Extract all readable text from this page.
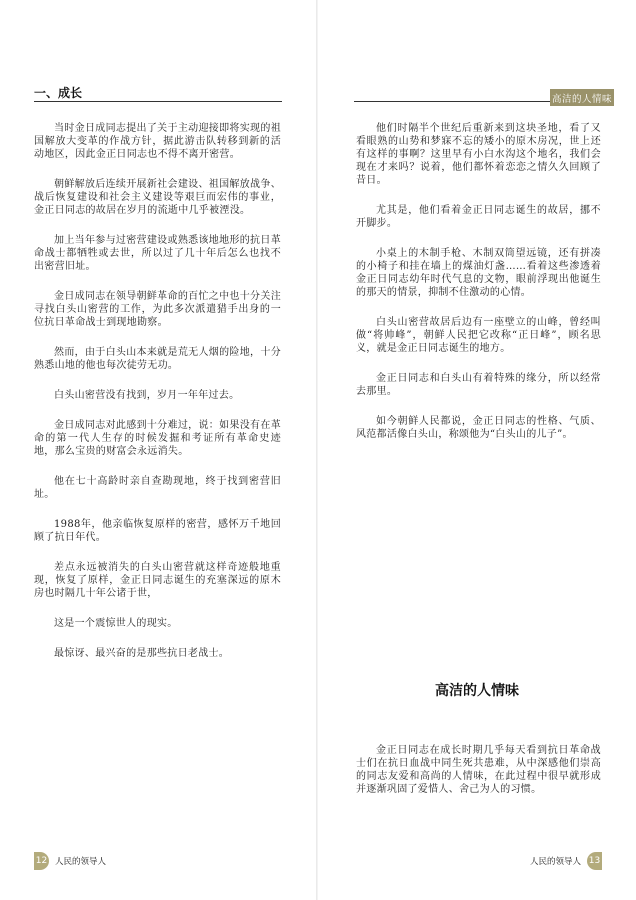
一、成长

当时金日成同志提出了关于主动迎接即将实现的祖国解放大变革的作战方针，据此游击队转移到新的活动地区，因此金正日同志也不得不离开密营。

朝鲜解放后连续开展新社会建设、祖国解放战争、战后恢复建设和社会主义建设等艰巨而宏伟的事业，金正日同志的故居在岁月的流逝中几乎被湮没。

加上当年参与过密营建设或熟悉该地地形的抗日革命战士都牺牲或去世，所以过了几十年后怎么也找不出密营旧址。

金日成同志在领导朝鲜革命的百忙之中也十分关注寻找白头山密营的工作，为此多次派遣猎手出身的一位抗日革命战士到现地勘察。

然而，由于白头山本来就是荒无人烟的险地，十分熟悉山地的他也每次徒劳无功。

白头山密营没有找到，岁月一年年过去。

金日成同志对此感到十分难过，说：如果没有在革命的第一代人生存的时候发掘和考证所有革命史迹地，那么宝贵的财富会永远消失。

他在七十高龄时亲自查勘现地，终于找到密营旧址。

1988年，他亲临恢复原样的密营，感怀万千地回顾了抗日年代。

差点永远被消失的白头山密营就这样奇迹般地重现，恢复了原样，金正日同志诞生的充塞深远的原木房也时隔几十年公诸于世，

这是一个震惊世人的现实。

最惊讶、最兴奋的是那些抗日老战士。

12 人民的领导人
高洁的人情味

他们时隔半个世纪后重新来到这块圣地，看了又看眼熟的山势和梦寐不忘的矮小的原木房况，世上还有这样的事啊？这里早有小白水沟这个地名，我们会现在才来吗？说着，他们都怀着恋恋之情久久回顾了昔日。

尤其是，他们看着金正日同志诞生的故居，挪不开脚步。

小桌上的木制手枪、木制双筒望远镜，还有拼凑的小椅子和挂在墙上的煤油灯盏……看着这些渗透着金正日同志幼年时代气息的文物，眼前浮现出他诞生的那天的情景，抑制不住激动的心情。

白头山密营故居后边有一座壁立的山峰，曾经叫做“将帅峰”，朝鲜人民把它改称“正日峰”，顾名思义，就是金正日同志诞生的地方。

金正日同志和白头山有着特殊的缘分，所以经常去那里。

如今朝鲜人民都说，金正日同志的性格、气质、风范都活像白头山，称颂他为“白头山的儿子”。

高洁的人情味

金正日同志在成长时期几乎每天看到抗日革命战士们在抗日血战中同生死共患难，从中深感他们崇高的同志友爱和高尚的人情味，在此过程中很早就形成并逐渐巩固了爱惜人、舍己为人的习惯。

人民的领导人 13
